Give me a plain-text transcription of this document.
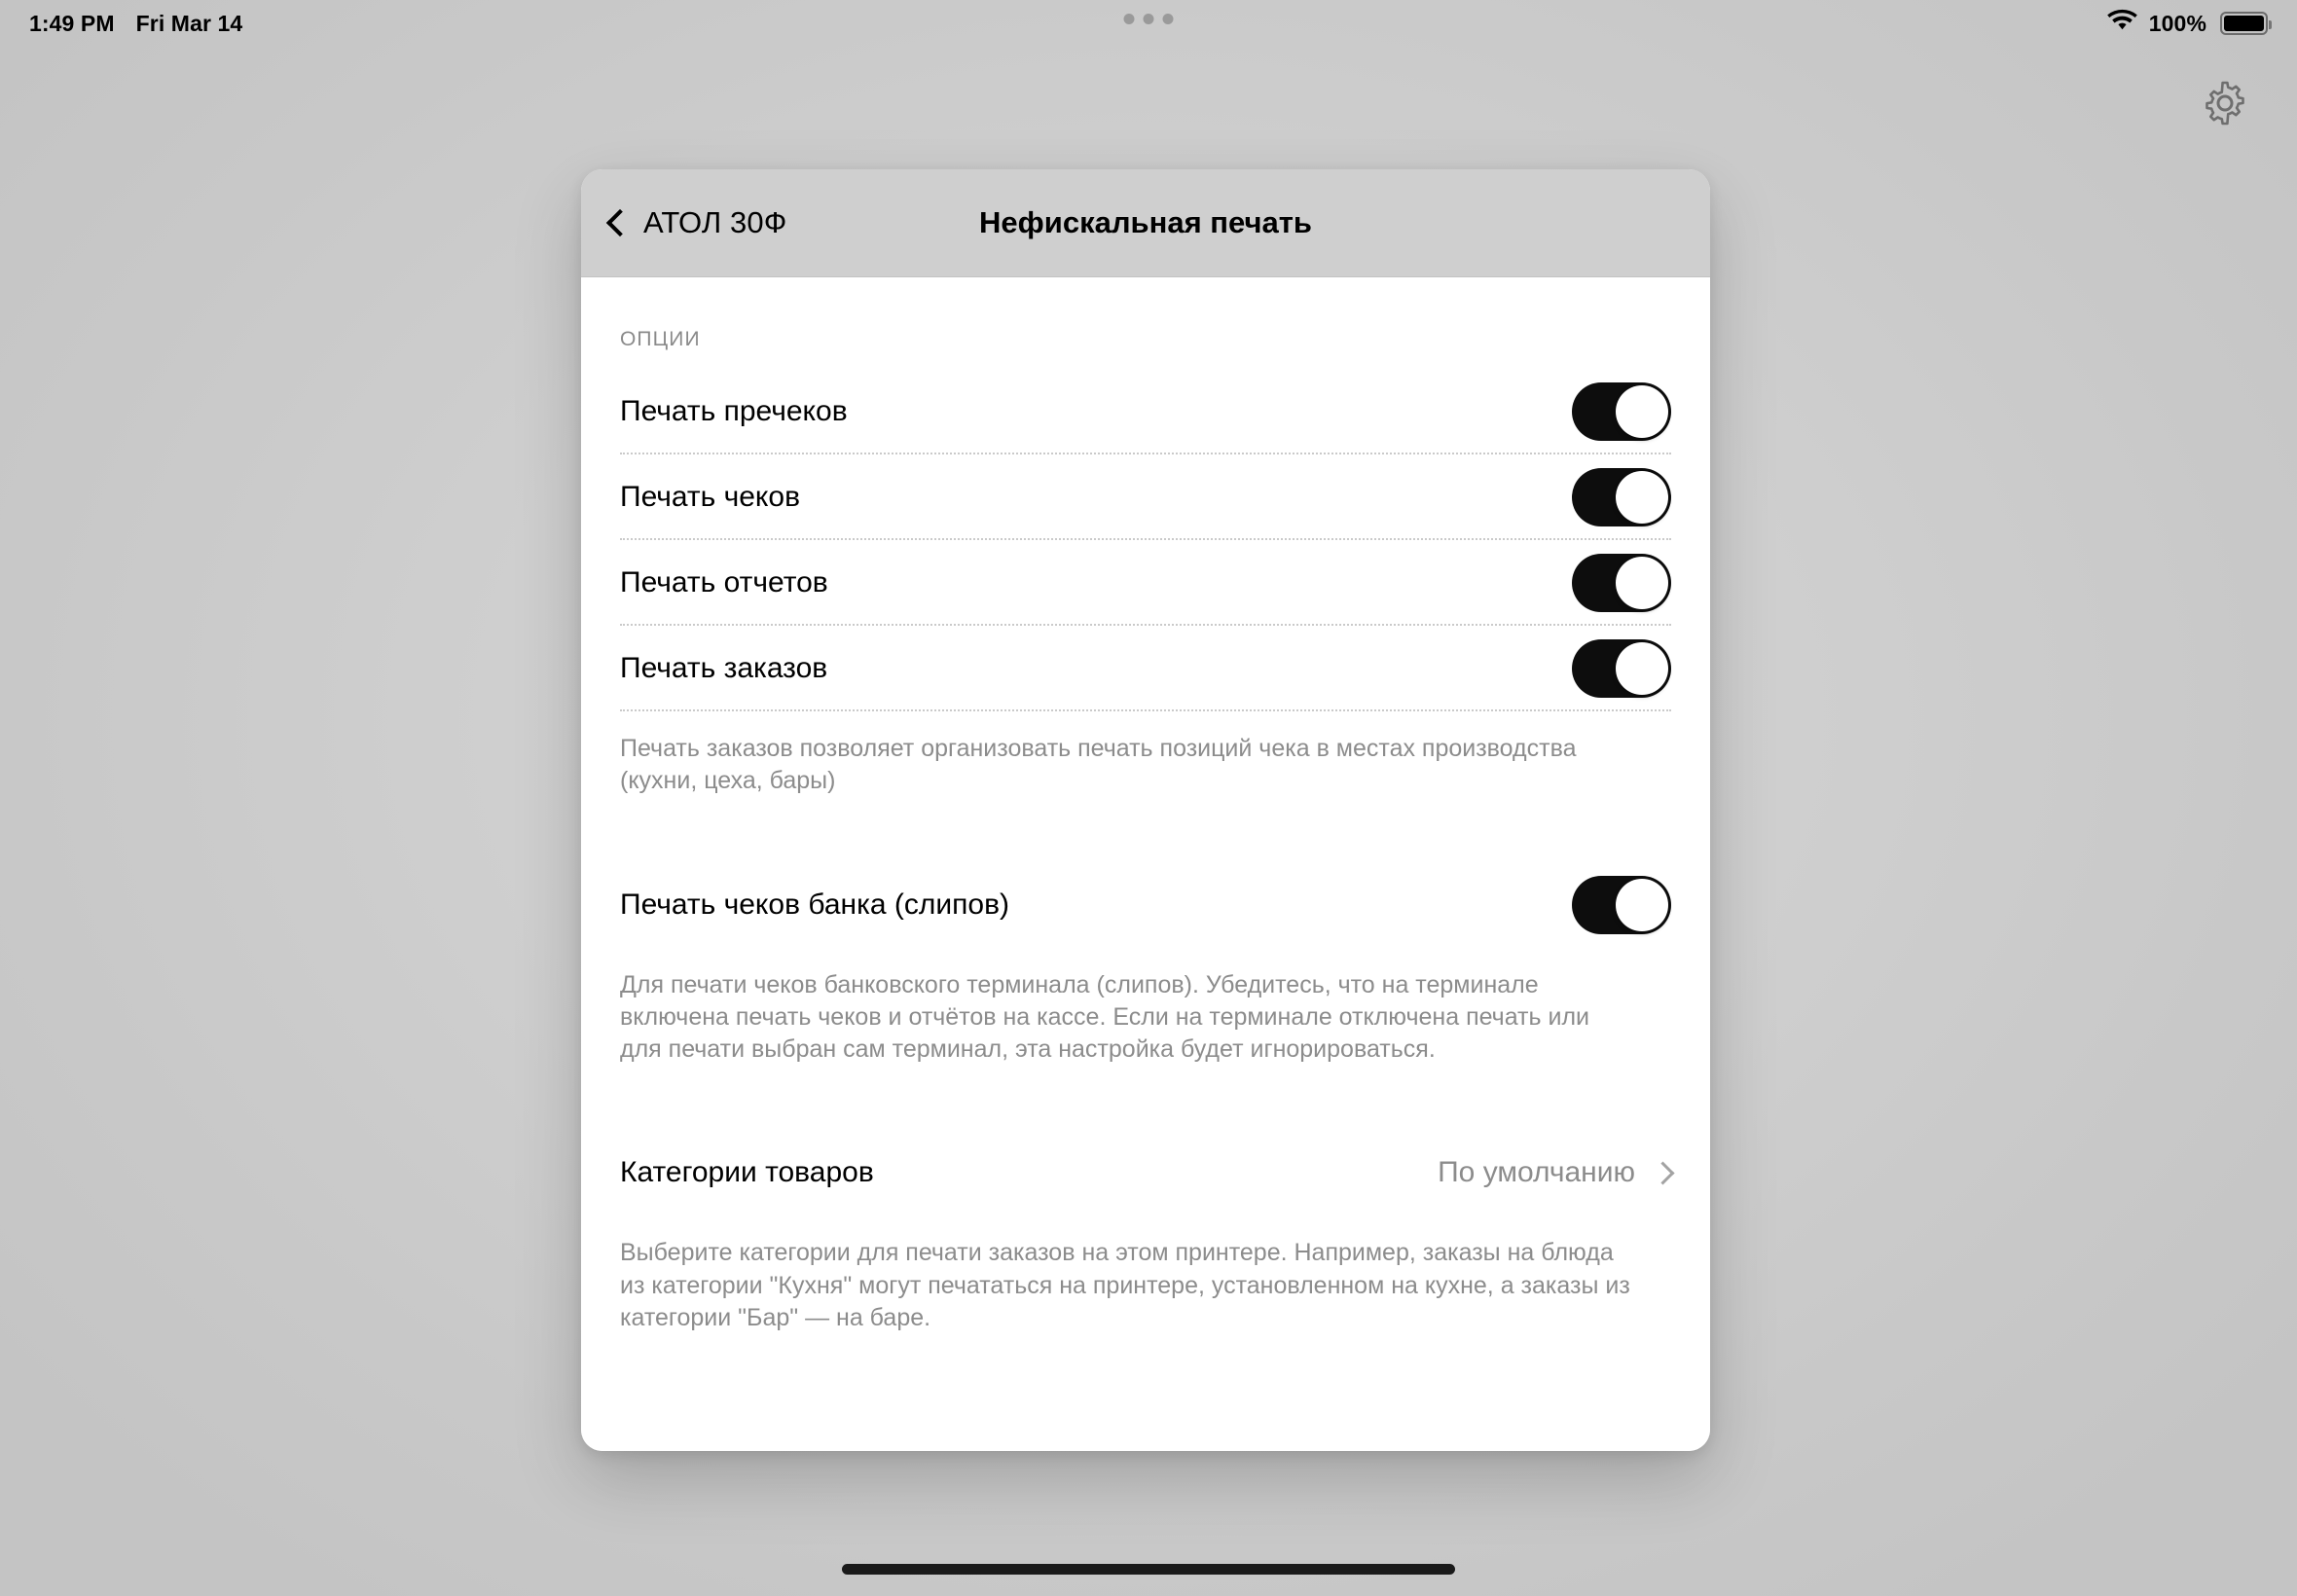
1:49 PM Fri Mar 14	100%
АТОЛ 30Ф	Нефискальная печать
ОПЦИИ
Печать пречеков
Печать чеков
Печать отчетов
Печать заказов
Печать заказов позволяет организовать печать позиций чека в местах производства (кухни, цеха, бары)
Печать чеков банка (слипов)
Для печати чеков банковского терминала (слипов). Убедитесь, что на терминале включена печать чеков и отчётов на кассе. Если на терминале отключена печать или для печати выбран сам терминал, эта настройка будет игнорироваться.
Категории товаров	По умолчанию
Выберите категории для печати заказов на этом принтере. Например, заказы на блюда из категории "Кухня" могут печататься на принтере, установленном на кухне, а заказы из категории "Бар" — на баре.
